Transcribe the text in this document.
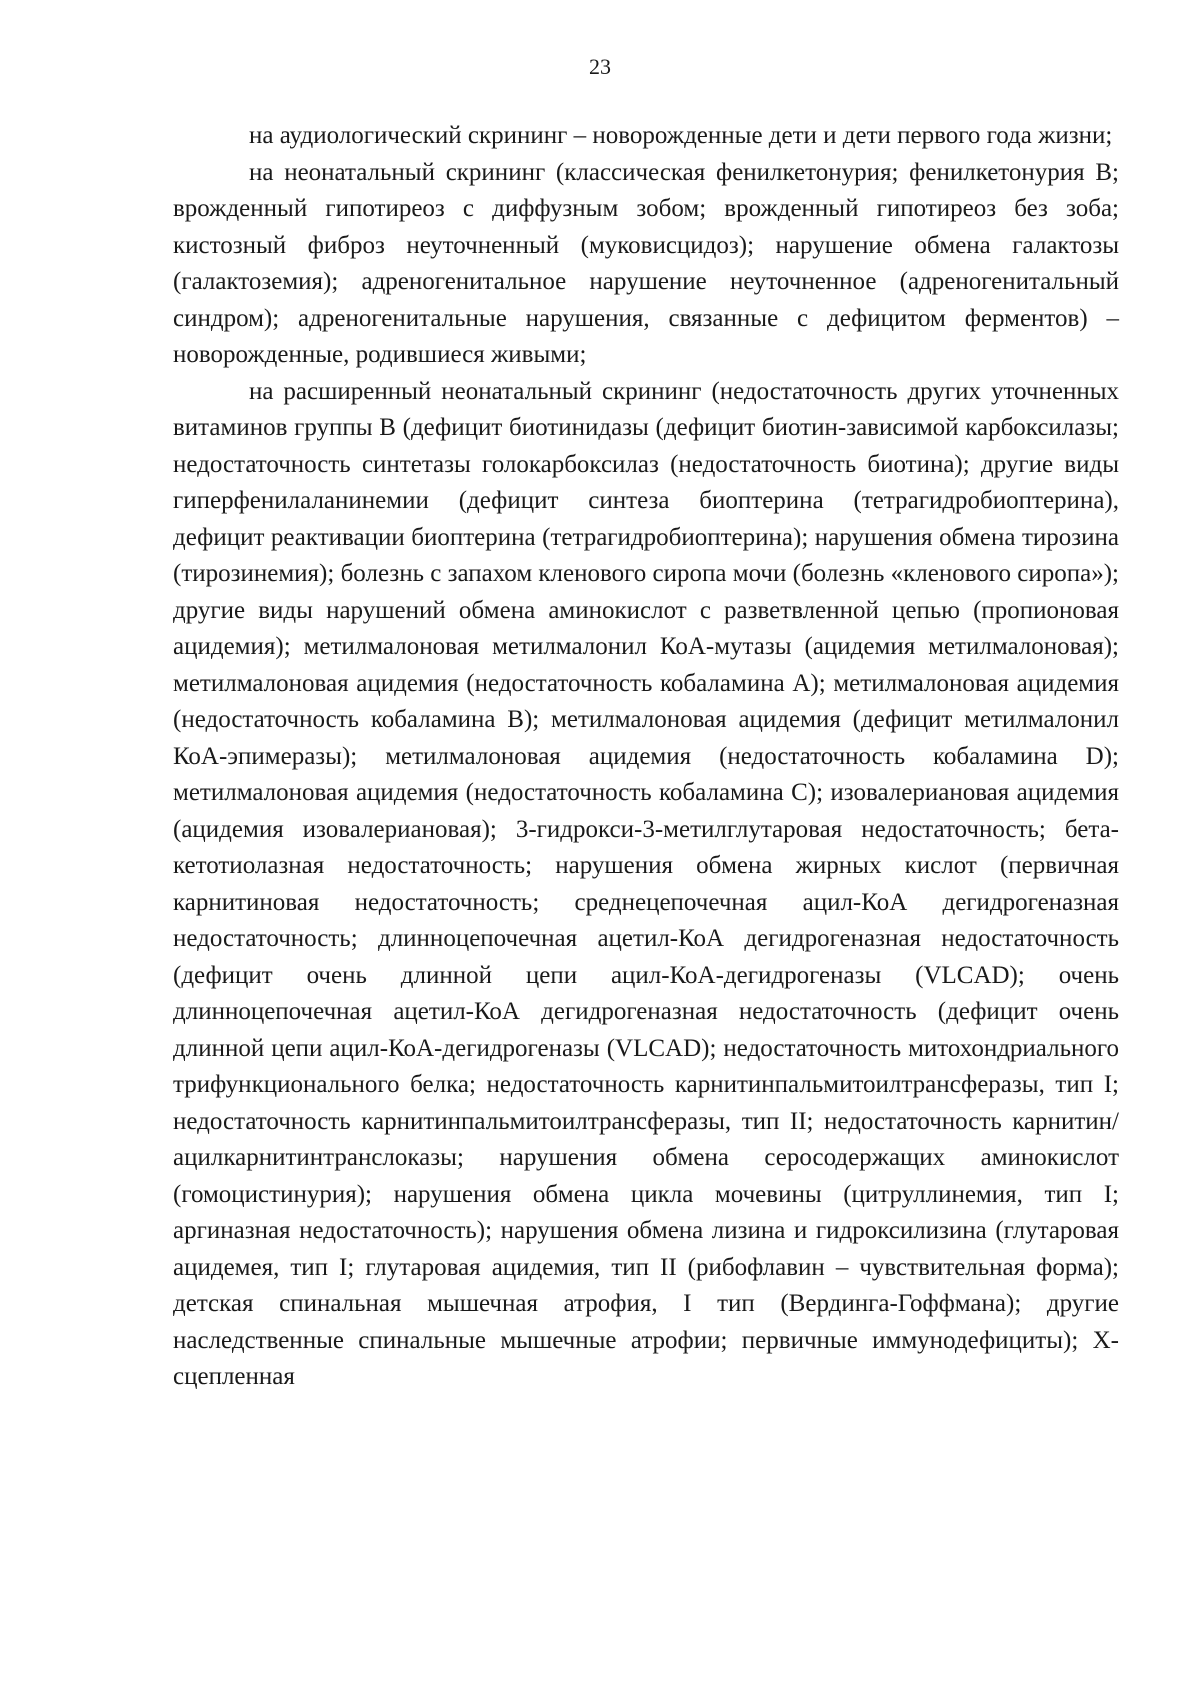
23

на аудиологический скрининг – новорожденные дети и дети первого года жизни;

на неонатальный скрининг (классическая фенилкетонурия; фенилкетонурия B; врожденный гипотиреоз с диффузным зобом; врожденный гипотиреоз без зоба; кистозный фиброз неуточненный (муковисцидоз); нарушение обмена галактозы (галактоземия); адреногенитальное нарушение неуточненное (адреногенитальный синдром); адреногенитальные нарушения, связанные с дефицитом ферментов) – новорожденные, родившиеся живыми;

на расширенный неонатальный скрининг (недостаточность других уточненных витаминов группы B (дефицит биотинидазы (дефицит биотин-зависимой карбоксилазы; недостаточность синтетазы голокарбоксилаз (недостаточность биотина); другие виды гиперфенилаланинемии (дефицит синтеза биоптерина (тетрагидробиоптерина), дефицит реактивации биоптерина (тетрагидробиоптерина); нарушения обмена тирозина (тирозинемия); болезнь с запахом кленового сиропа мочи (болезнь «кленового сиропа»); другие виды нарушений обмена аминокислот с разветвленной цепью (пропионовая ацидемия); метилмалоновая метилмалонил КоА-мутазы (ацидемия метилмалоновая); метилмалоновая ацидемия (недостаточность кобаламина A); метилмалоновая ацидемия (недостаточность кобаламина B); метилмалоновая ацидемия (дефицит метилмалонил КоА-эпимеразы); метилмалоновая ацидемия (недостаточность кобаламина D); метилмалоновая ацидемия (недостаточность кобаламина C); изовалериановая ацидемия (ацидемия изовалериановая); 3-гидрокси-3-метилглутаровая недостаточность; бета-кетотиолазная недостаточность; нарушения обмена жирных кислот (первичная карнитиновая недостаточность; среднецепочечная ацил-КоА дегидрогеназная недостаточность; длинноцепочечная ацетил-КоА дегидрогеназная недостаточность (дефицит очень длинной цепи ацил-КоА-дегидрогеназы (VLCAD); очень длинноцепочечная ацетил-КоА дегидрогеназная недостаточность (дефицит очень длинной цепи ацил-КоА-дегидрогеназы (VLCAD); недостаточность митохондриального трифункционального белка; недостаточность карнитинпальмитоилтрансферазы, тип I; недостаточность карнитинпальмитоилтрансферазы, тип II; недостаточность карнитин/ацилкарнитинтранслоказы; нарушения обмена серосодержащих аминокислот (гомоцистинурия); нарушения обмена цикла мочевины (цитруллинемия, тип I; аргиназная недостаточность); нарушения обмена лизина и гидроксилизина (глутаровая ацидемея, тип I; глутаровая ацидемия, тип II (рибофлавин – чувствительная форма); детская спинальная мышечная атрофия, I тип (Вердинга-Гоффмана); другие наследственные спинальные мышечные атрофии; первичные иммунодефициты); Х-сцепленная
